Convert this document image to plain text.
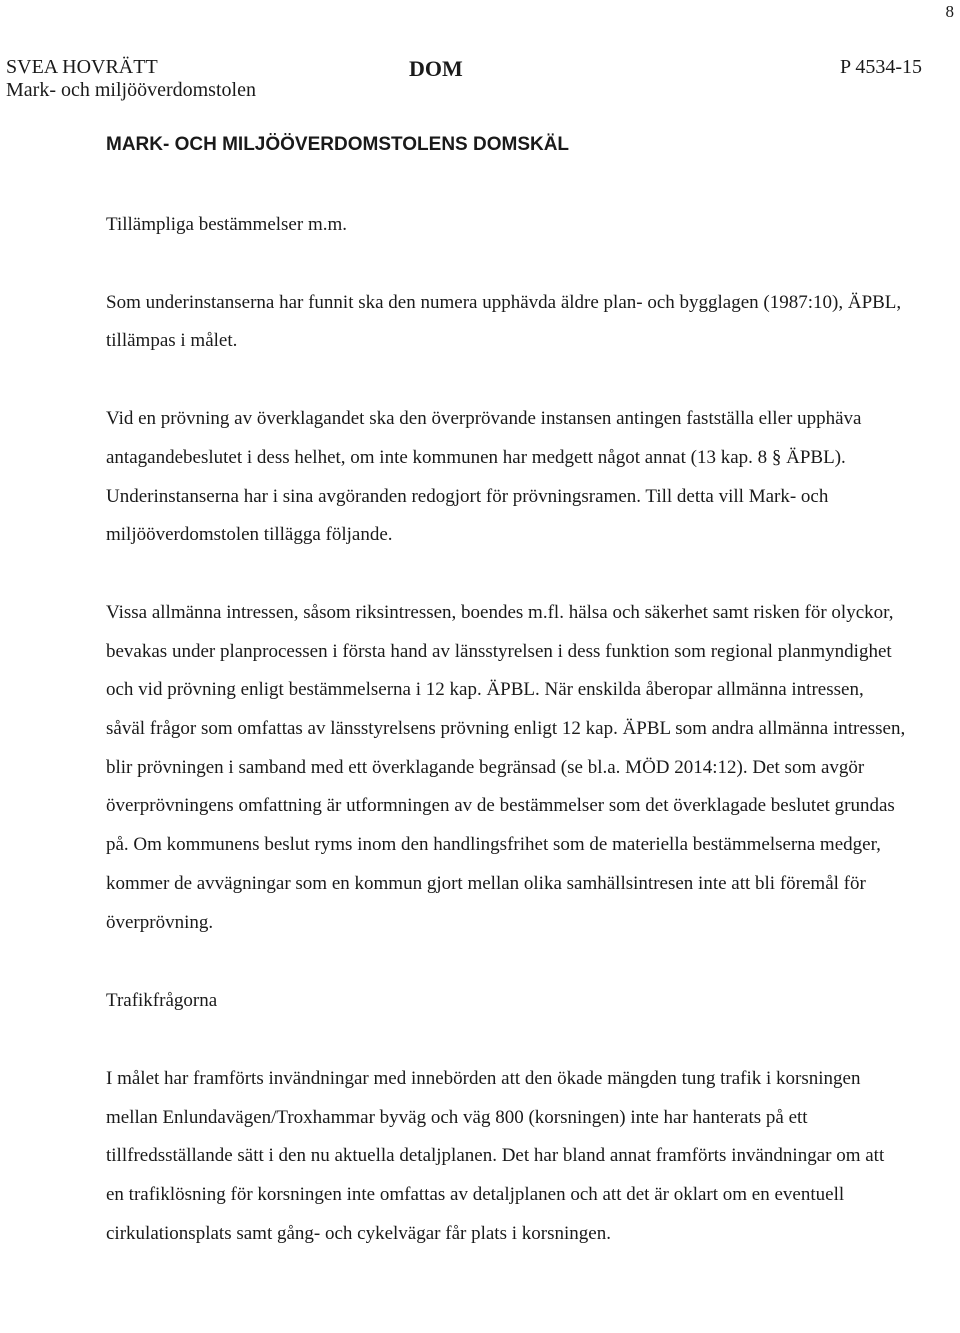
8
SVEA HOVRÄTT
Mark- och miljööverdomstolen
DOM	P 4534-15
MARK- OCH MILJÖÖVERDOMSTOLENS DOMSKÄL

Tillämpliga bestämmelser m.m.

Som underinstanserna har funnit ska den numera upphävda äldre plan- och bygglagen (1987:10), ÄPBL, tillämpas i målet.

Vid en prövning av överklagandet ska den överprövande instansen antingen fastställa eller upphäva antagandebeslutet i dess helhet, om inte kommunen har medgett något annat (13 kap. 8 § ÄPBL). Underinstanserna har i sina avgöranden redogjort för prövningsramen. Till detta vill Mark- och miljööverdomstolen tillägga följande.

Vissa allmänna intressen, såsom riksintressen, boendes m.fl. hälsa och säkerhet samt risken för olyckor, bevakas under planprocessen i första hand av länsstyrelsen i dess funktion som regional planmyndighet och vid prövning enligt bestämmelserna i 12 kap. ÄPBL. När enskilda åberopar allmänna intressen, såväl frågor som omfattas av länsstyrelsens prövning enligt 12 kap. ÄPBL som andra allmänna intressen, blir prövningen i samband med ett överklagande begränsad (se bl.a. MÖD 2014:12). Det som avgör överprövningens omfattning är utformningen av de bestämmelser som det överklagade beslutet grundas på. Om kommunens beslut ryms inom den handlingsfrihet som de materiella bestämmelserna medger, kommer de avvägningar som en kommun gjort mellan olika samhällsintresen inte att bli föremål för överprövning.

Trafikfrågorna

I målet har framförts invändningar med innebörden att den ökade mängden tung trafik i korsningen mellan Enlundavägen/Troxhammar byväg och väg 800 (korsningen) inte har hanterats på ett tillfredsställande sätt i den nu aktuella detaljplanen. Det har bland annat framförts invändningar om att en trafiklösning för korsningen inte omfattas av detaljplanen och att det är oklart om en eventuell cirkulationsplats samt gång- och cykelvägar får plats i korsningen.
